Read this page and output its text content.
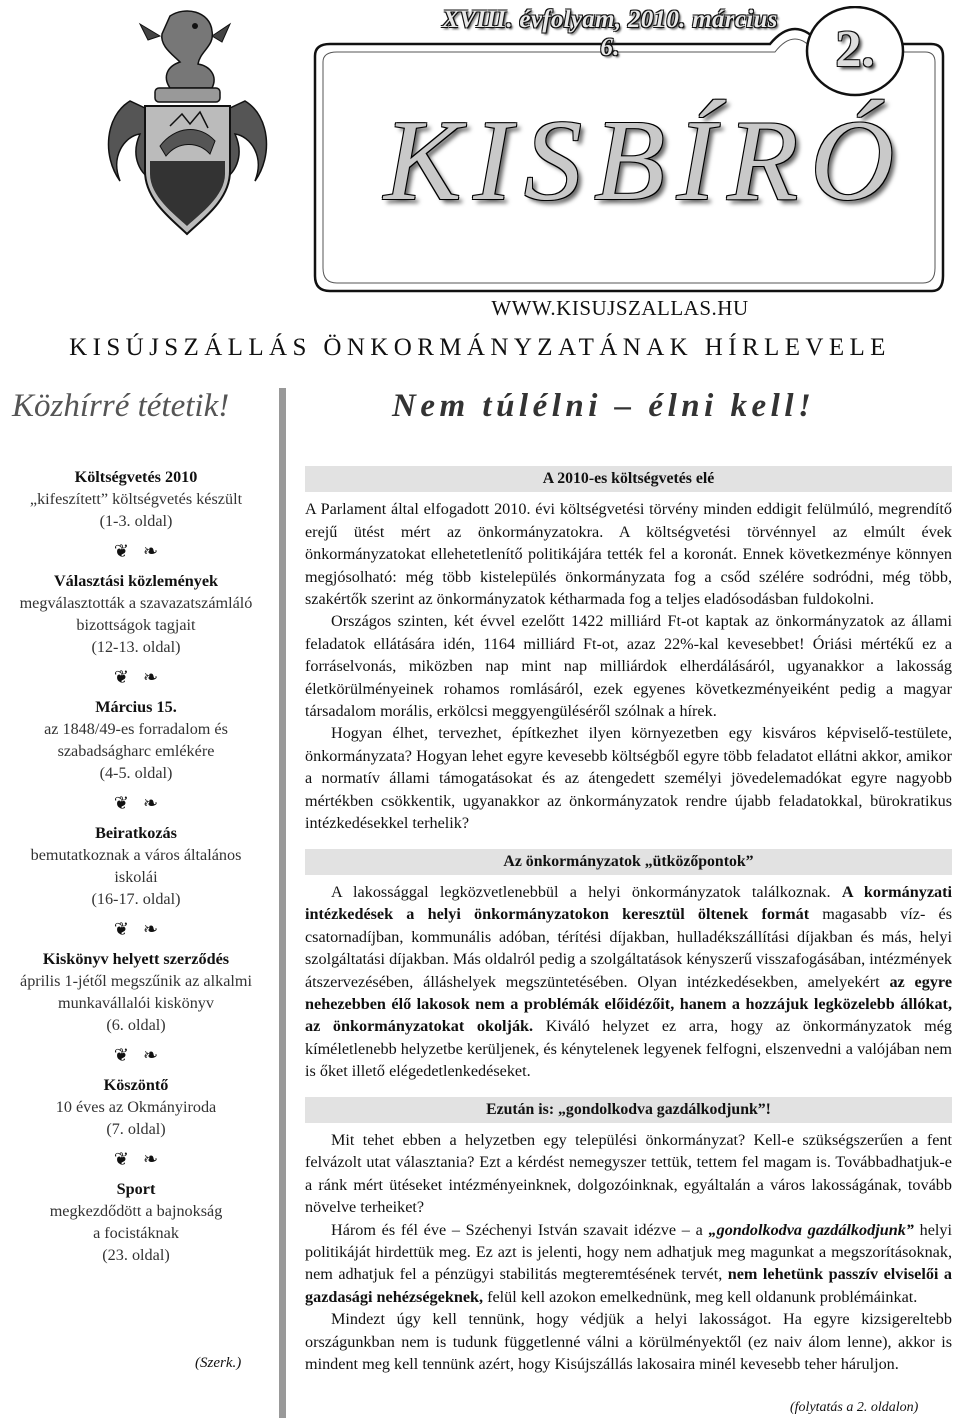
XVIII. évfolyam, 2010. március 6.	2.
KISBÍRÓ
WWW.KISUJSZALLAS.HU
KISÚJSZÁLLÁS ÖNKORMÁNYZATÁNAK HÍRLEVELE
Közhírré tétetik!
Költségvetés 2010
„kifeszített” költségvetés készült
(1-3. oldal)
❦ ❧
Választási közlemények
megválasztották a szavazatszámláló
bizottságok tagjait
(12-13. oldal)
❦ ❧
Március 15.
az 1848/49-es forradalom és
szabadságharc emlékére
(4-5. oldal)
❦ ❧
Beiratkozás
bemutatkoznak a város általános
iskolái
(16-17. oldal)
❦ ❧
Kiskönyv helyett szerződés
április 1-jétől megszűnik az alkalmi
munkavállalói kiskönyv
(6. oldal)
❦ ❧
Köszöntő
10 éves az Okmányiroda
(7. oldal)
❦ ❧
Sport
megkezdődött a bajnokság
a focistáknak
(23. oldal)
(Szerk.)
Nem túlélni – élni kell!
A 2010-es költségvetés elé

A Parlament által elfogadott 2010. évi költségvetési törvény minden eddigit felülmúló, megrendítő erejű ütést mért az önkormányzatokra. A költségvetési törvénnyel az elmúlt évek önkormányzatokat ellehetetlenítő politikájára tették fel a koronát. Ennek következménye könnyen megjósolható: még több kistelepülés önkormányzata fog a csőd szélére sodródni, még több, szakértők szerint az önkormányzatok kétharmada fog a teljes eladósodásban fuldokolni.

Országos szinten, két évvel ezelőtt 1422 milliárd Ft-ot kaptak az önkormányzatok az állami feladatok ellátására idén, 1164 milliárd Ft-ot, azaz 22%-kal kevesebbet! Óriási mértékű ez a forráselvonás, miközben nap mint nap milliárdok elherdálásáról, ugyanakkor a lakosság életkörülményeinek rohamos romlásáról, ezek egyenes következményeiként pedig a magyar társadalom morális, erkölcsi meggyengüléséről szólnak a hírek.

Hogyan élhet, tervezhet, építkezhet ilyen környezetben egy kisváros képviselő-testülete, önkormányzata? Hogyan lehet egyre kevesebb költségből egyre több feladatot ellátni akkor, amikor a normatív állami támogatásokat és az átengedett személyi jövedelemadókat egyre nagyobb mértékben csökkentik, ugyanakkor az önkormányzatok rendre újabb feladatokkal, bürokratikus intézkedésekkel terhelik?

Az önkormányzatok „ütközőpontok”

A lakossággal legközvetlenebbül a helyi önkormányzatok találkoznak. A kormányzati intézkedések a helyi önkormányzatokon keresztül öltenek formát magasabb víz- és csatornadíjban, kommunális adóban, térítési díjakban, hulladékszállítási díjakban és más, helyi szolgáltatási díjakban. Más oldalról pedig a szolgáltatások kényszerű visszafogásában, intézmények átszervezésében, álláshelyek megszüntetésében. Olyan intézkedésekben, amelyekért az egyre nehezebben élő lakosok nem a problémák előidézőit, hanem a hozzájuk legközelebb állókat, az önkormányzatokat okolják. Kiváló helyzet ez arra, hogy az önkormányzatok még kíméletlenebb helyzetbe kerüljenek, és kénytelenek legyenek felfogni, elszenvedni a valójában nem is őket illető elégedetlenkedéseket.

Ezután is: „gondolkodva gazdálkodjunk”!

Mit tehet ebben a helyzetben egy települési önkormányzat? Kell-e szükségszerűen a fent felvázolt utat választania? Ezt a kérdést nemegyszer tettük, tettem fel magam is. Továbbadhatjuk-e a ránk mért ütéseket intézményeinknek, dolgozóinknak, egyáltalán a város lakosságának, tovább növelve terheiket?

Három és fél éve – Széchenyi István szavait idézve – a „gondolkodva gazdálkodjunk” helyi politikáját hirdettük meg. Ez azt is jelenti, hogy nem adhatjuk meg magunkat a megszorításoknak, nem adhatjuk fel a pénzügyi stabilitás megteremtésének tervét, nem lehetünk passzív elviselői a gazdasági nehézségeknek, felül kell azokon emelkednünk, meg kell oldanunk problémáinkat.

Mindezt úgy kell tennünk, hogy védjük a helyi lakosságot. Ha egyre kizsigereltebb országunkban nem is tudunk függetlenné válni a körülményektől (ez naiv álom lenne), akkor is mindent meg kell tennünk azért, hogy Kisújszállás lakosaira minél kevesebb teher háruljon.

(folytatás a 2. oldalon)
